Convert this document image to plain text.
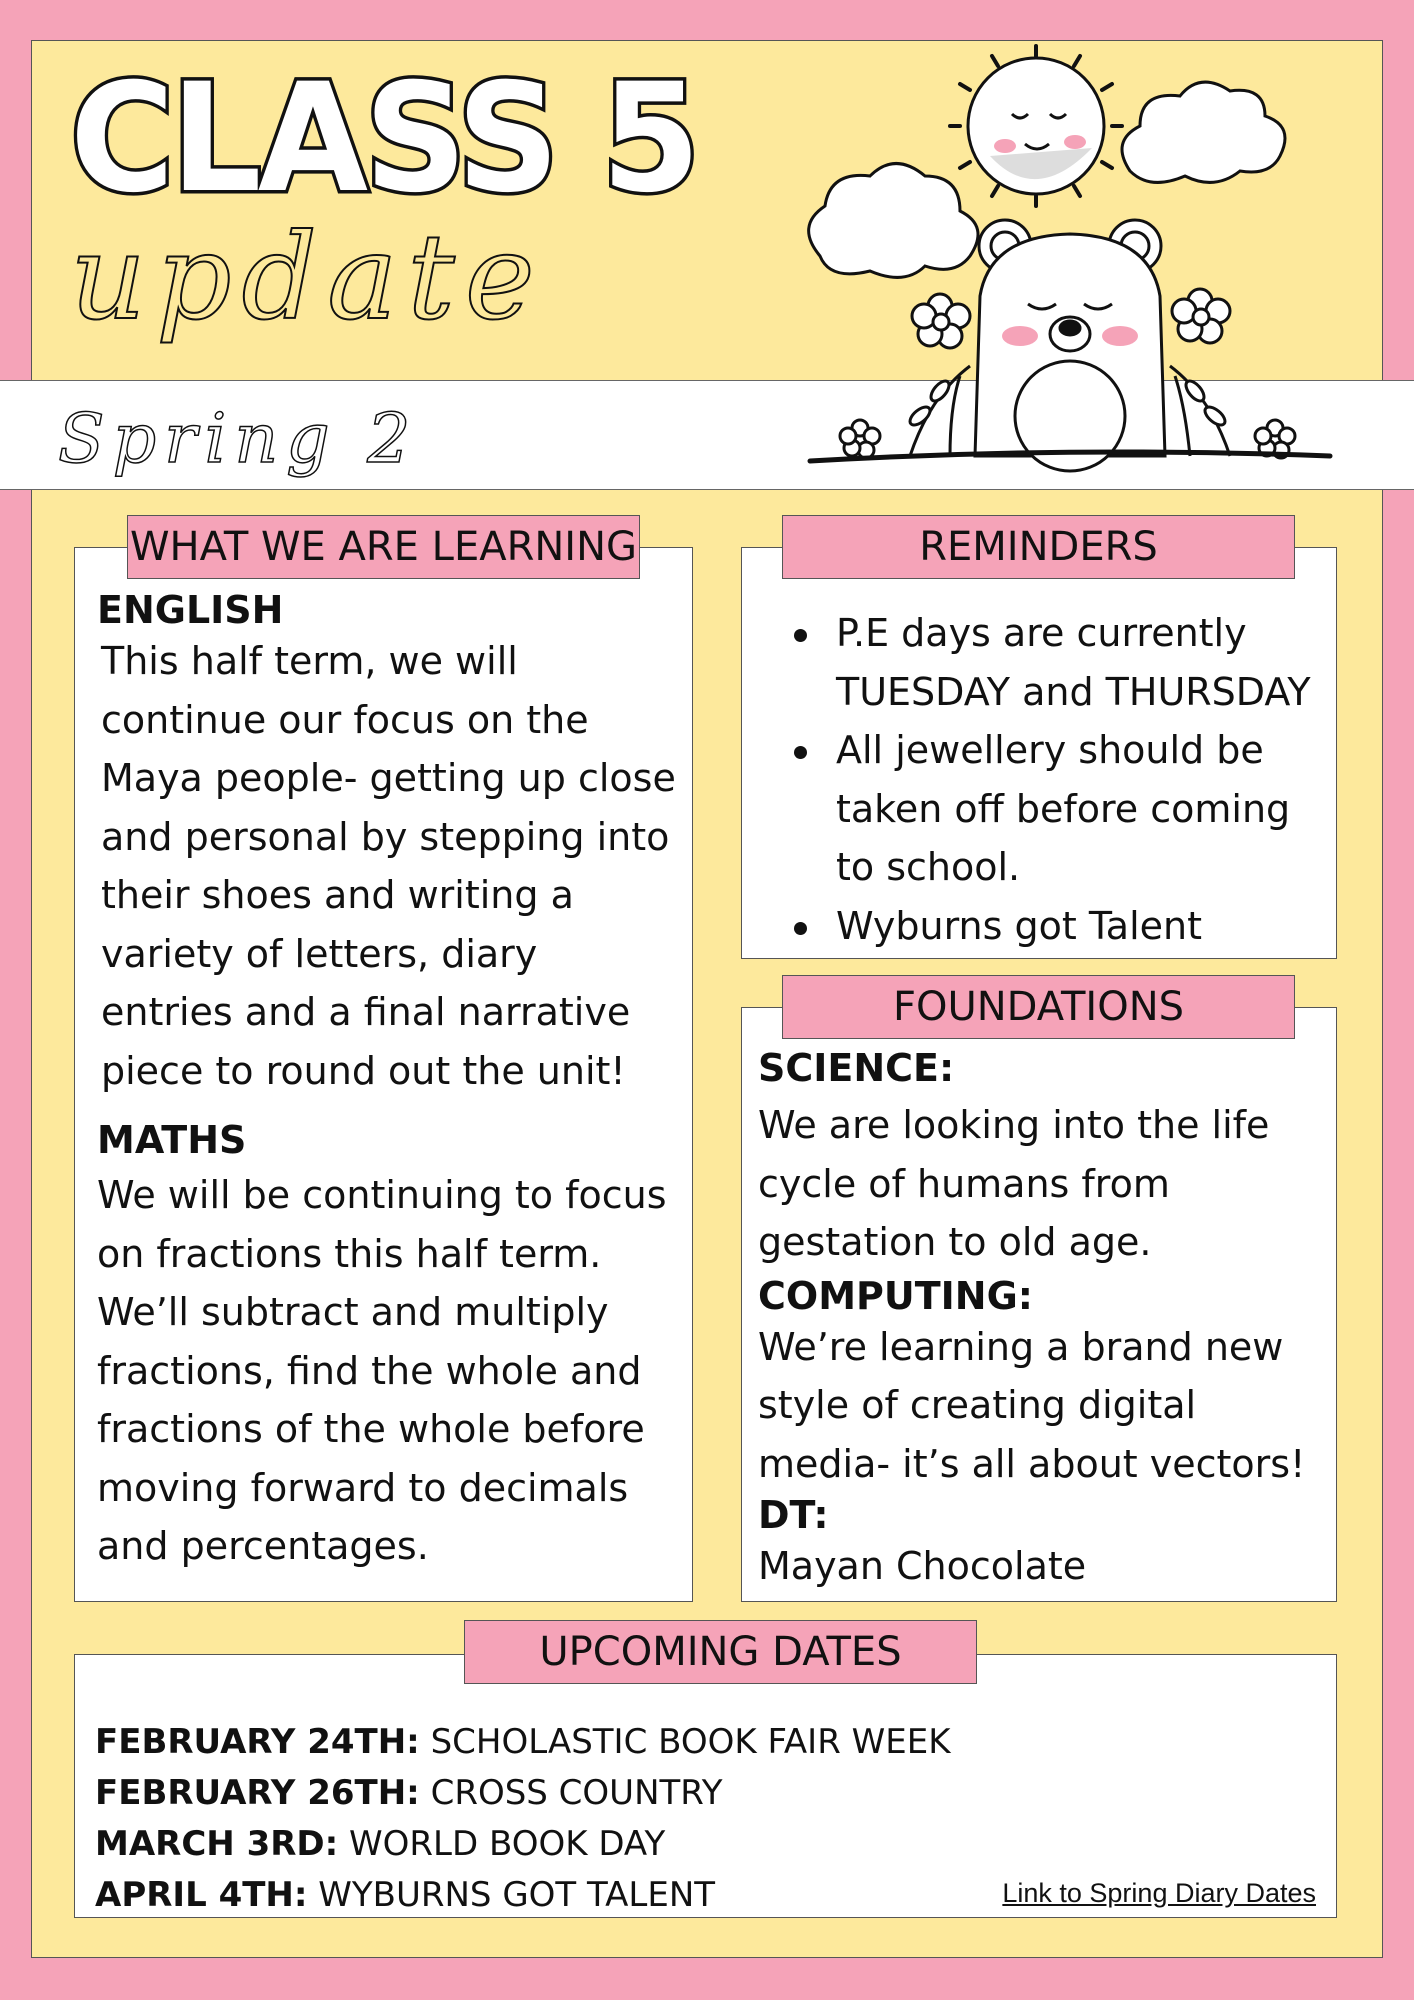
CLASS 5
update
Spring 2
ENGLISH
This half term, we will continue our focus on the Maya people- getting up close and personal by stepping into their shoes and writing a variety of letters, diary entries and a final narrative piece to round out the unit!
MATHS
We will be continuing to focus on fractions this half term. We’ll subtract and multiply fractions, find the whole and fractions of the whole before moving forward to decimals and percentages.
WHAT WE ARE LEARNING
P.E days are currently TUESDAY and THURSDAY
All jewellery should be taken off before coming to school.
Wyburns got Talent
REMINDERS
SCIENCE:
We are looking into the life cycle of humans from gestation to old age.
COMPUTING:
We’re learning a brand new style of creating digital media- it’s all about vectors!
DT:
Mayan Chocolate
FOUNDATIONS
FEBRUARY 24TH: SCHOLASTIC BOOK FAIR WEEK
FEBRUARY 26TH: CROSS COUNTRY
MARCH 3RD: WORLD BOOK DAY
APRIL 4TH: WYBURNS GOT TALENT	Link to Spring Diary Dates
UPCOMING DATES
